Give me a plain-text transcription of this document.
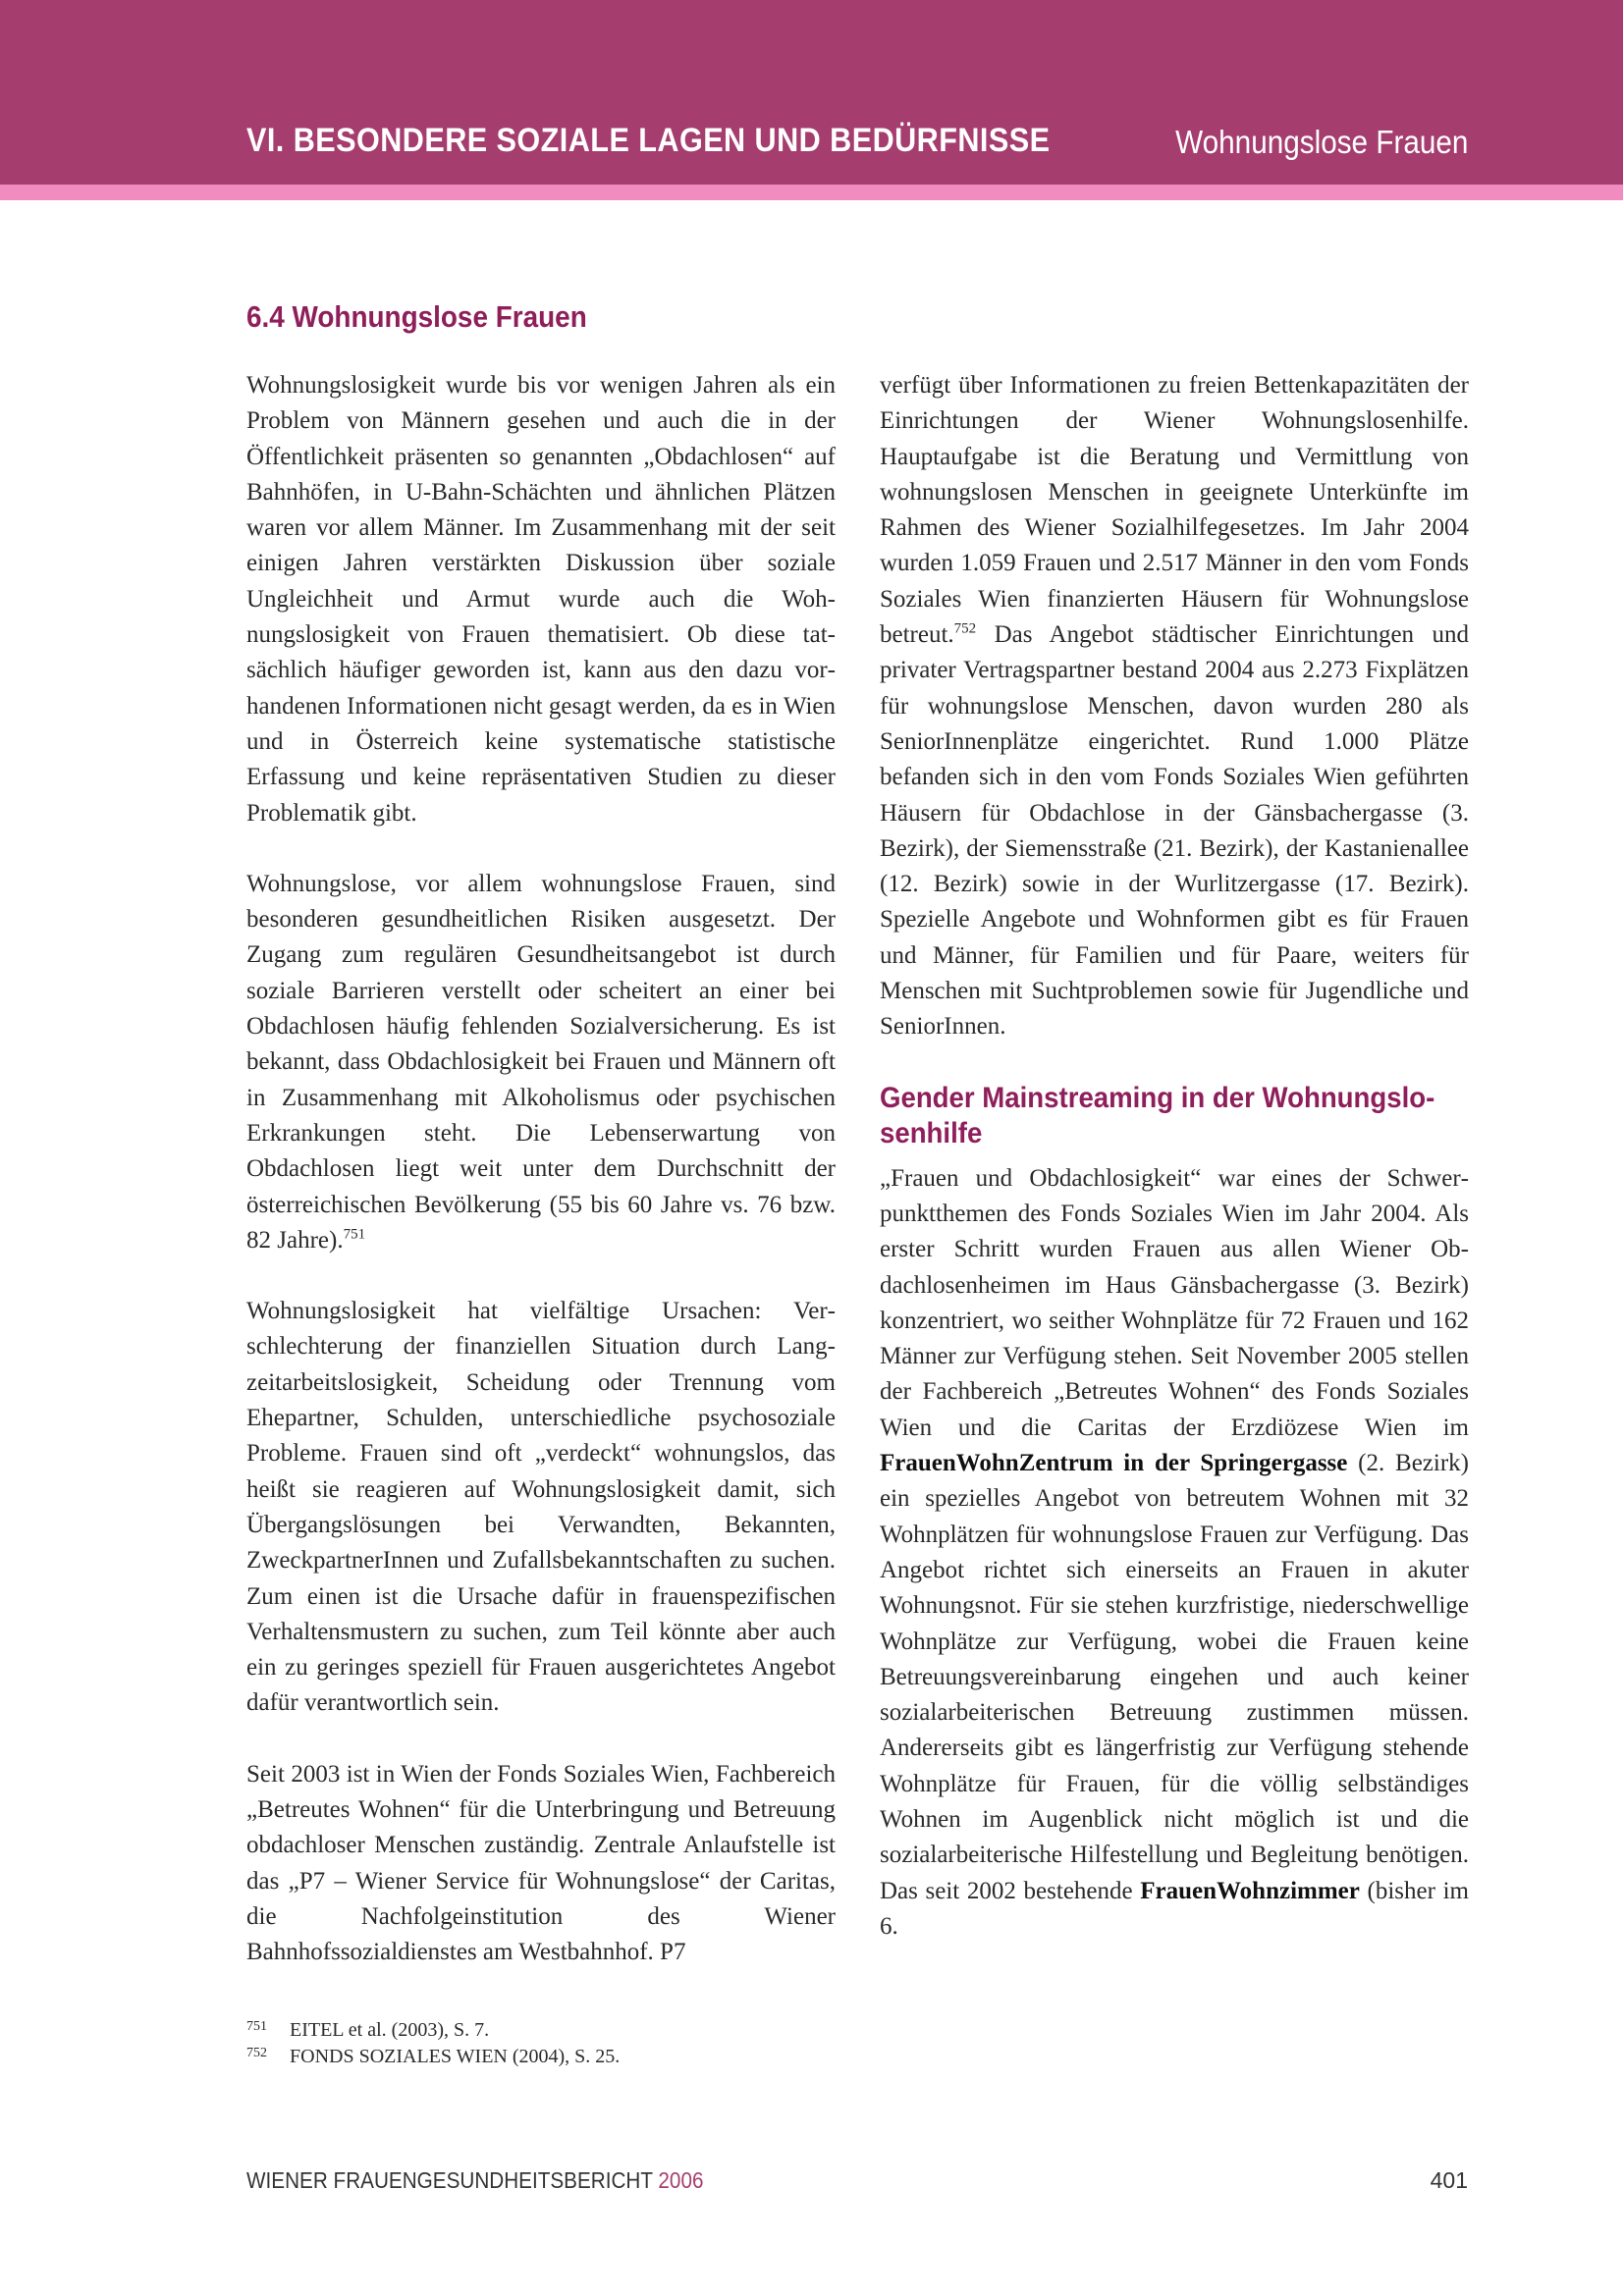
VI. BESONDERE SOZIALE LAGEN UND BEDÜRFNISSE	Wohnungslose Frauen
6.4 Wohnungslose Frauen

Wohnungslosigkeit wurde bis vor wenigen Jahren als ein Problem von Männern gesehen und auch die in der Öffentlichkeit präsenten so genannten „Obdachlosen“ auf Bahnhöfen, in U-Bahn-Schächten und ähnlichen Plätzen waren vor allem Männer. Im Zusammenhang mit der seit einigen Jahren verstärkten Diskussion über soziale Ungleichheit und Armut wurde auch die Wohnungslosigkeit von Frauen thematisiert. Ob diese tatsächlich häufiger geworden ist, kann aus den dazu vorhandenen Informationen nicht gesagt werden, da es in Wien und in Österreich keine systematische statistische Erfassung und keine repräsentativen Studien zu dieser Problematik gibt.

Wohnungslose, vor allem wohnungslose Frauen, sind besonderen gesundheitlichen Risiken ausgesetzt. Der Zugang zum regulären Gesundheitsangebot ist durch soziale Barrieren verstellt oder scheitert an einer bei Obdachlosen häufig fehlenden Sozialversicherung. Es ist bekannt, dass Obdachlosigkeit bei Frauen und Männern oft in Zusammenhang mit Alkoholismus oder psychischen Erkrankungen steht. Die Lebenserwartung von Obdachlosen liegt weit unter dem Durchschnitt der österreichischen Bevölkerung (55 bis 60 Jahre vs. 76 bzw. 82 Jahre).$^{751}$

Wohnungslosigkeit hat vielfältige Ursachen: Verschlechterung der finanziellen Situation durch Langzeitarbeitslosigkeit, Scheidung oder Trennung vom Ehepartner, Schulden, unterschiedliche psychosoziale Probleme. Frauen sind oft „verdeckt“ wohnungslos, das heißt sie reagieren auf Wohnungslosigkeit damit, sich Übergangslösungen bei Verwandten, Bekannten, ZweckpartnerInnen und Zufallsbekanntschaften zu suchen. Zum einen ist die Ursache dafür in frauenspezifischen Verhaltensmustern zu suchen, zum Teil könnte aber auch ein zu geringes speziell für Frauen ausgerichtetes Angebot dafür verantwortlich sein.

Seit 2003 ist in Wien der Fonds Soziales Wien, Fachbereich „Betreutes Wohnen“ für die Unterbringung und Betreuung obdachloser Menschen zuständig. Zentrale Anlaufstelle ist das „P7 – Wiener Service für Wohnungslose“ der Caritas, die Nachfolgeinstitution des Wiener Bahnhofssozialdienstes am Westbahnhof. P7

verfügt über Informationen zu freien Bettenkapazitäten der Einrichtungen der Wiener Wohnungslosenhilfe. Hauptaufgabe ist die Beratung und Vermittlung von wohnungslosen Menschen in geeignete Unterkünfte im Rahmen des Wiener Sozialhilfegesetzes. Im Jahr 2004 wurden 1.059 Frauen und 2.517 Männer in den vom Fonds Soziales Wien finanzierten Häusern für Wohnungslose betreut.$^{752}$ Das Angebot städtischer Einrichtungen und privater Vertragspartner bestand 2004 aus 2.273 Fixplätzen für wohnungslose Menschen, davon wurden 280 als SeniorInnenplätze eingerichtet. Rund 1.000 Plätze befanden sich in den vom Fonds Soziales Wien geführten Häusern für Obdachlose in der Gänsbachergasse (3. Bezirk), der Siemensstraße (21. Bezirk), der Kastanienallee (12. Bezirk) sowie in der Wurlitzergasse (17. Bezirk). Spezielle Angebote und Wohnformen gibt es für Frauen und Männer, für Familien und für Paare, weiters für Menschen mit Suchtproblemen sowie für Jugendliche und SeniorInnen.

Gender Mainstreaming in der Wohnungslosenhilfe

„Frauen und Obdachlosigkeit“ war eines der Schwerpunktthemen des Fonds Soziales Wien im Jahr 2004. Als erster Schritt wurden Frauen aus allen Wiener Obdachlosenheimen im Haus Gänsbachergasse (3. Bezirk) konzentriert, wo seither Wohnplätze für 72 Frauen und 162 Männer zur Verfügung stehen. Seit November 2005 stellen der Fachbereich „Betreutes Wohnen“ des Fonds Soziales Wien und die Caritas der Erzdiözese Wien im FrauenWohnZentrum in der Springergasse (2. Bezirk) ein spezielles Angebot von betreutem Wohnen mit 32 Wohnplätzen für wohnungslose Frauen zur Verfügung. Das Angebot richtet sich einerseits an Frauen in akuter Wohnungsnot. Für sie stehen kurzfristige, niederschwellige Wohnplätze zur Verfügung, wobei die Frauen keine Betreuungsvereinbarung eingehen und auch keiner sozialarbeiterischen Betreuung zustimmen müssen. Andererseits gibt es längerfristig zur Verfügung stehende Wohnplätze für Frauen, für die völlig selbständiges Wohnen im Augenblick nicht möglich ist und die sozialarbeiterische Hilfestellung und Begleitung benötigen. Das seit 2002 bestehende FrauenWohnzimmer (bisher im 6.

751	EITEL et al. (2003), S. 7.
752	FONDS SOZIALES WIEN (2004), S. 25.
WIENER FRAUENGESUNDHEITSBERICHT 2006	401
